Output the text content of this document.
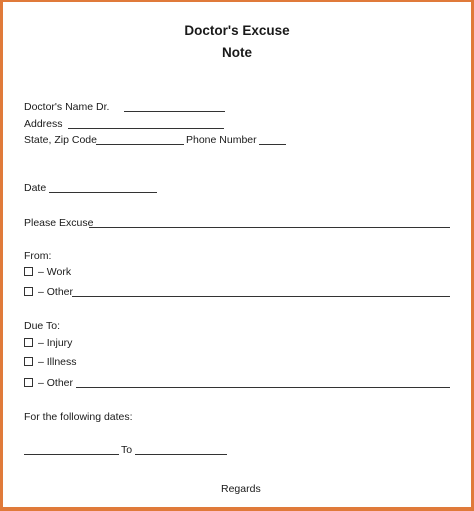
Doctor's Excuse
Note
Doctor's Name Dr.
Address
State, Zip Code	Phone Number
Date
Please Excuse
From:
– Work
– Other
Due To:
– Injury
– Illness
– Other
For the following dates:
To
Regards
